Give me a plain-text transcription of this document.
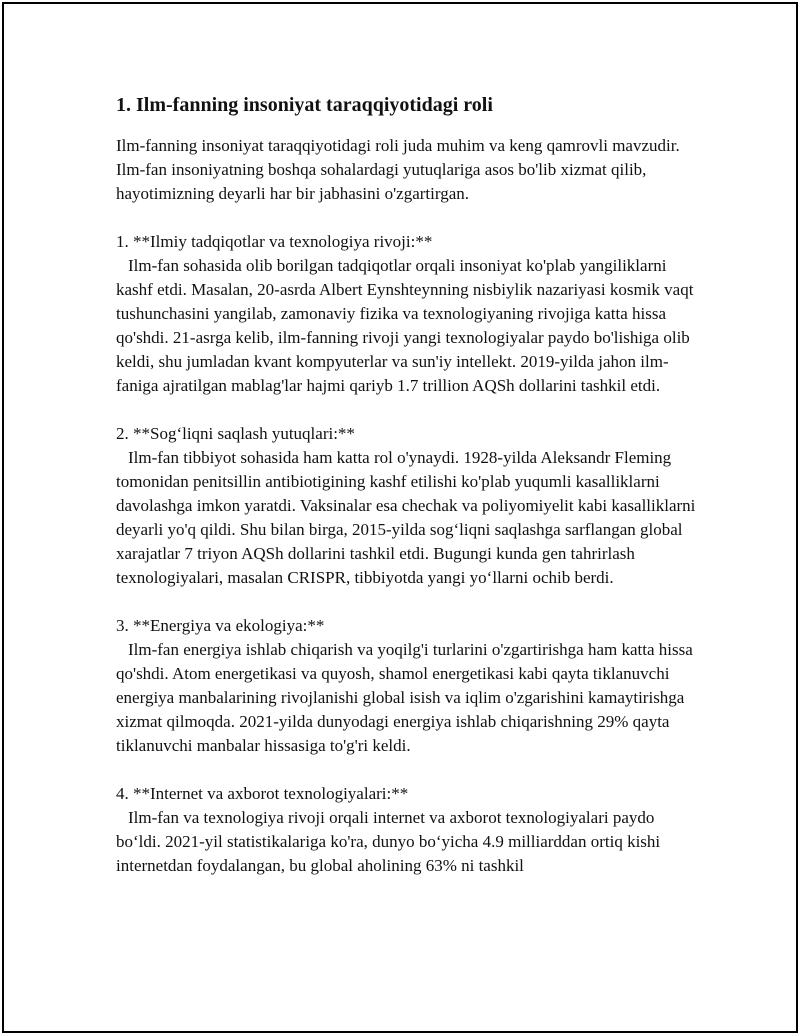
1. Ilm-fanning insoniyat taraqqiyotidagi roli

Ilm-fanning insoniyat taraqqiyotidagi roli juda muhim va keng qamrovli mavzudir. Ilm-fan insoniyatning boshqa sohalardagi yutuqlariga asos bo'lib xizmat qilib, hayotimizning deyarli har bir jabhasini o'zgartirgan.

1. **Ilmiy tadqiqotlar va texnologiya rivoji:**

Ilm-fan sohasida olib borilgan tadqiqotlar orqali insoniyat ko'plab yangiliklarni kashf etdi. Masalan, 20-asrda Albert Eynshteynning nisbiylik nazariyasi kosmik vaqt tushunchasini yangilab, zamonaviy fizika va texnologiyaning rivojiga katta hissa qo'shdi. 21-asrga kelib, ilm-fanning rivoji yangi texnologiyalar paydo bo'lishiga olib keldi, shu jumladan kvant kompyuterlar va sun'iy intellekt. 2019-yilda jahon ilm-faniga ajratilgan mablag'lar hajmi qariyb 1.7 trillion AQSh dollarini tashkil etdi.

2. **Sog‘liqni saqlash yutuqlari:**

Ilm-fan tibbiyot sohasida ham katta rol o'ynaydi. 1928-yilda Aleksandr Fleming tomonidan penitsillin antibiotigining kashf etilishi ko'plab yuqumli kasalliklarni davolashga imkon yaratdi. Vaksinalar esa chechak va poliyomiyelit kabi kasalliklarni deyarli yo'q qildi. Shu bilan birga, 2015-yilda sog‘liqni saqlashga sarflangan global xarajatlar 7 triyon AQSh dollarini tashkil etdi. Bugungi kunda gen tahrirlash texnologiyalari, masalan CRISPR, tibbiyotda yangi yo‘llarni ochib berdi.

3. **Energiya va ekologiya:**

Ilm-fan energiya ishlab chiqarish va yoqilg'i turlarini o'zgartirishga ham katta hissa qo'shdi. Atom energetikasi va quyosh, shamol energetikasi kabi qayta tiklanuvchi energiya manbalarining rivojlanishi global isish va iqlim o'zgarishini kamaytirishga xizmat qilmoqda. 2021-yilda dunyodagi energiya ishlab chiqarishning 29% qayta tiklanuvchi manbalar hissasiga to'g'ri keldi.

4. **Internet va axborot texnologiyalari:**

Ilm-fan va texnologiya rivoji orqali internet va axborot texnologiyalari paydo bo‘ldi. 2021-yil statistikalariga ko'ra, dunyo bo‘yicha 4.9 milliarddan ortiq kishi internetdan foydalangan, bu global aholining 63% ni tashkil
